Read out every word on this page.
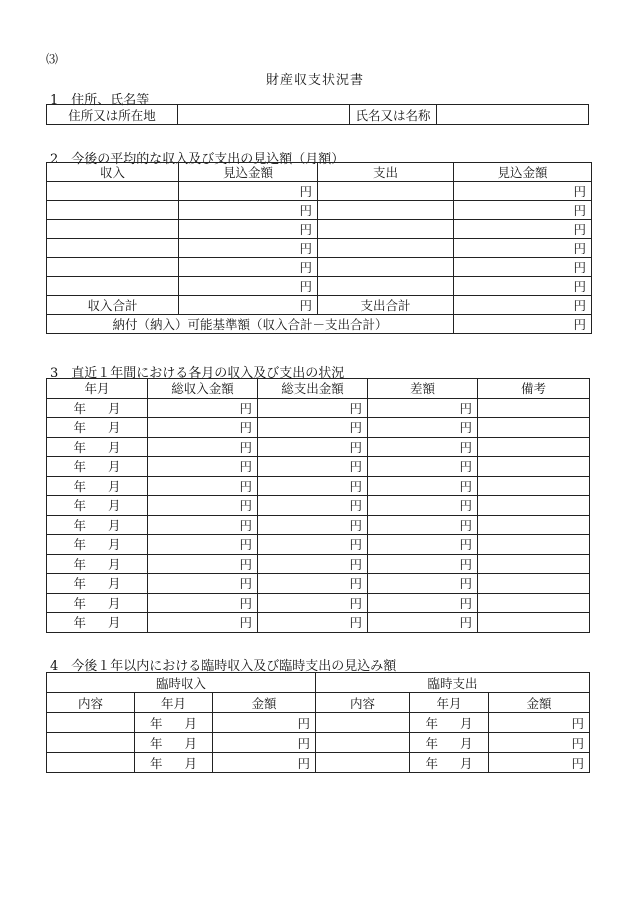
⑶
財産収支状況書
1　住所、氏名等
住所又は所在地		氏名又は名称	
2　今後の平均的な収入及び支出の見込額（月額）
収入	見込金額	支出	見込金額
	円		円
	円		円
	円		円
	円		円
	円		円
	円		円
収入合計	円	支出合計	円
納付（納入）可能基準額（収入合計－支出合計）			円
3　直近１年間における各月の収入及び支出の状況
年月	総収入金額	総支出金額	差額	備考
年 月	円	円	円	
年 月	円	円	円	
年 月	円	円	円	
年 月	円	円	円	
年 月	円	円	円	
年 月	円	円	円	
年 月	円	円	円	
年 月	円	円	円	
年 月	円	円	円	
年 月	円	円	円	
年 月	円	円	円	
年 月	円	円	円	
4　今後１年以内における臨時収入及び臨時支出の見込み額
臨時収入			臨時支出		
内容	年月	金額	内容	年月	金額
	年 月	円		年 月	円
	年 月	円		年 月	円
	年 月	円		年 月	円
